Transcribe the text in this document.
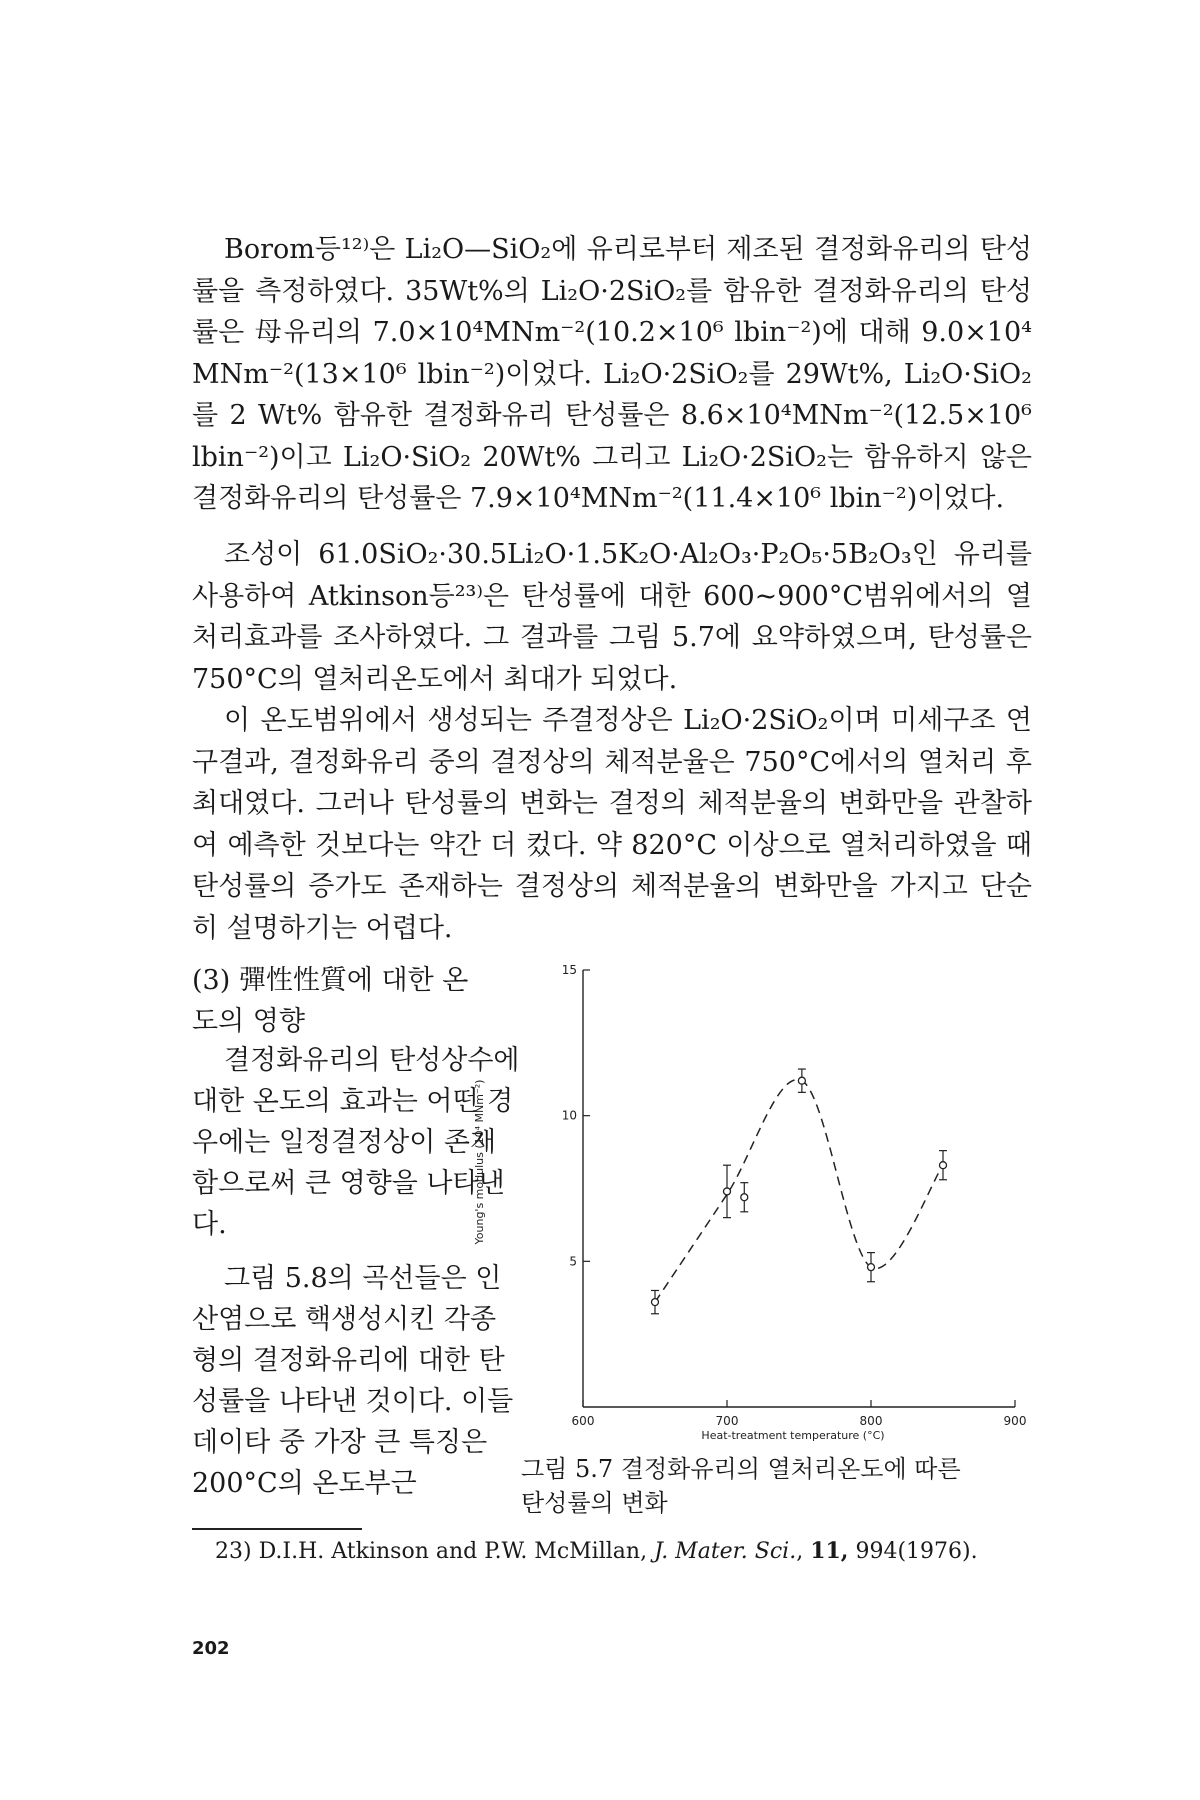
Borom등¹²⁾은 Li₂O—SiO₂에 유리로부터 제조된 결정화유리의 탄성률을 측정하였다. 35Wt%의 Li₂O·2SiO₂를 함유한 결정화유리의 탄성률은 母유리의 7.0×10⁴MNm⁻²(10.2×10⁶ lbin⁻²)에 대해 9.0×10⁴ MNm⁻²(13×10⁶ lbin⁻²)이었다. Li₂O·2SiO₂를 29Wt%, Li₂O·SiO₂를 2 Wt% 함유한 결정화유리 탄성률은 8.6×10⁴MNm⁻²(12.5×10⁶ lbin⁻²)이고 Li₂O·SiO₂ 20Wt% 그리고 Li₂O·2SiO₂는 함유하지 않은 결정화유리의 탄성률은 7.9×10⁴MNm⁻²(11.4×10⁶ lbin⁻²)이었다.
조성이 61.0SiO₂·30.5Li₂O·1.5K₂O·Al₂O₃·P₂O₅·5B₂O₃인 유리를 사용하여 Atkinson등²³⁾은 탄성률에 대한 600~900°C범위에서의 열처리효과를 조사하였다. 그 결과를 그림 5.7에 요약하였으며, 탄성률은 750°C의 열처리온도에서 최대가 되었다.
이 온도범위에서 생성되는 주결정상은 Li₂O·2SiO₂이며 미세구조 연구결과, 결정화유리 중의 결정상의 체적분율은 750°C에서의 열처리 후 최대였다. 그러나 탄성률의 변화는 결정의 체적분율의 변화만을 관찰하여 예측한 것보다는 약간 더 컸다. 약 820°C 이상으로 열처리하였을 때 탄성률의 증가도 존재하는 결정상의 체적분율의 변화만을 가지고 단순히 설명하기는 어렵다.
(3) 彈性性質에 대한 온
도의 영향
결정화유리의 탄성상수에 대한 온도의 효과는 어떤 경우에는 일정결정상이 존재함으로써 큰 영향을 나타낸다.
그림 5.8의 곡선들은 인산염으로 핵생성시킨 각종 형의 결정화유리에 대한 탄성률을 나타낸 것이다. 이들 데이타 중 가장 큰 특징은 200°C의 온도부근
600	700	800	900
5
10
15
Young's modulus (10⁴ MNm⁻²)
Heat-treatment temperature (°C)
그림 5.7 결정화유리의 열처리온도에 따른
탄성률의 변화
23) D.I.H. Atkinson and P.W. McMillan, J. Mater. Sci., 11, 994(1976).
202
